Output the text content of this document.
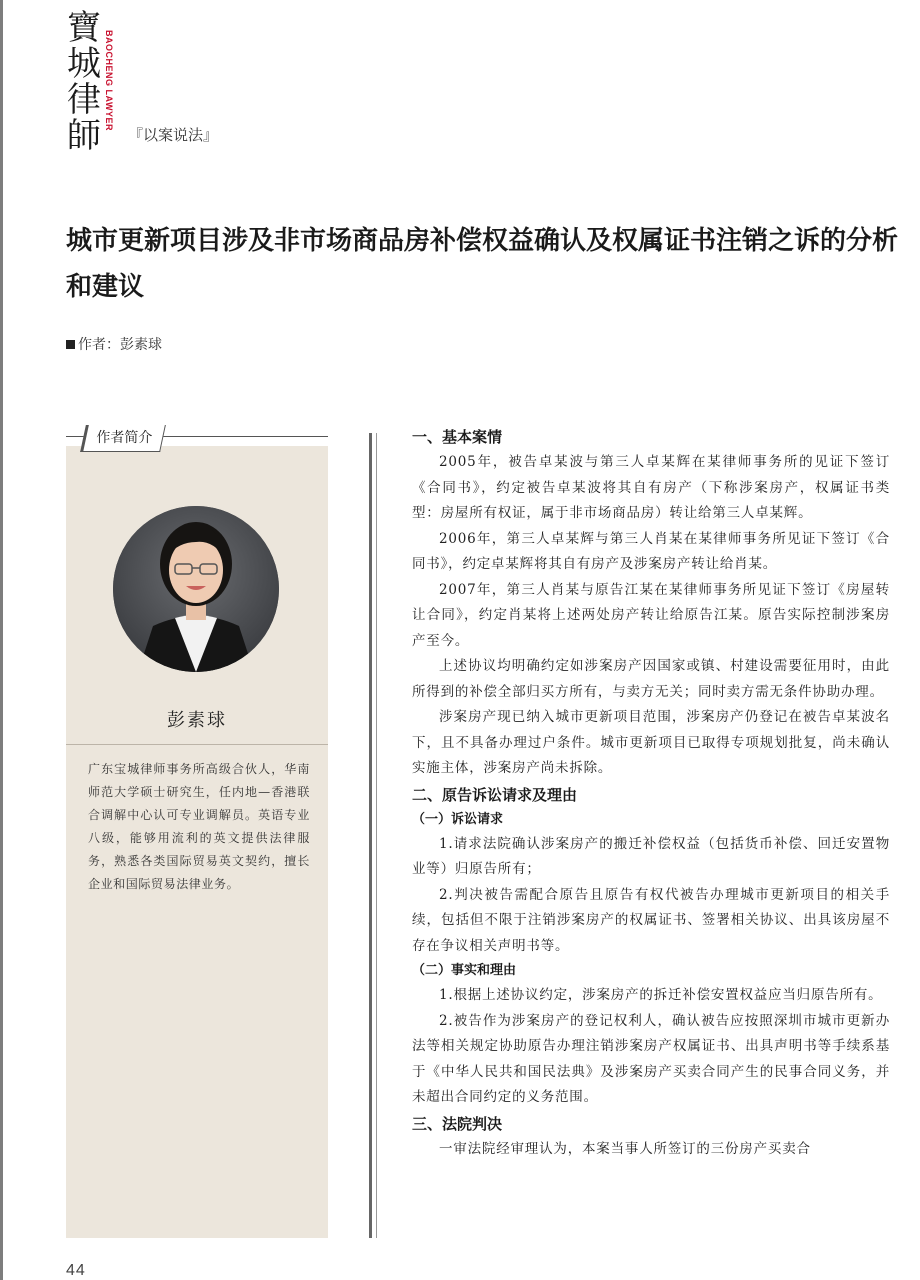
寶
城
律
師
BAOCHENG LAWYER
『以案说法』
城市更新项目涉及非市场商品房补偿权益确认及权属证书注销之诉的分析和建议
作者：彭素球
彭素球

广东宝城律师事务所高级合伙人，华南师范大学硕士研究生，任内地—香港联合调解中心认可专业调解员。英语专业八级，能够用流利的英文提供法律服务，熟悉各类国际贸易英文契约，擅长企业和国际贸易法律业务。

作者简介	一、基本案情

2005年，被告卓某波与第三人卓某辉在某律师事务所的见证下签订《合同书》，约定被告卓某波将其自有房产（下称涉案房产，权属证书类型：房屋所有权证，属于非市场商品房）转让给第三人卓某辉。

2006年，第三人卓某辉与第三人肖某在某律师事务所见证下签订《合同书》，约定卓某辉将其自有房产及涉案房产转让给肖某。

2007年，第三人肖某与原告江某在某律师事务所见证下签订《房屋转让合同》，约定肖某将上述两处房产转让给原告江某。原告实际控制涉案房产至今。

上述协议均明确约定如涉案房产因国家或镇、村建设需要征用时，由此所得到的补偿全部归买方所有，与卖方无关；同时卖方需无条件协助办理。

涉案房产现已纳入城市更新项目范围，涉案房产仍登记在被告卓某波名下，且不具备办理过户条件。城市更新项目已取得专项规划批复，尚未确认实施主体，涉案房产尚未拆除。

二、原告诉讼请求及理由
（一）诉讼请求

1.请求法院确认涉案房产的搬迁补偿权益（包括货币补偿、回迁安置物业等）归原告所有；

2.判决被告需配合原告且原告有权代被告办理城市更新项目的相关手续，包括但不限于注销涉案房产的权属证书、签署相关协议、出具该房屋不存在争议相关声明书等。

（二）事实和理由

1.根据上述协议约定，涉案房产的拆迁补偿安置权益应当归原告所有。

2.被告作为涉案房产的登记权利人，确认被告应按照深圳市城市更新办法等相关规定协助原告办理注销涉案房产权属证书、出具声明书等手续系基于《中华人民共和国民法典》及涉案房产买卖合同产生的民事合同义务，并未超出合同约定的义务范围。

三、法院判决

一审法院经审理认为，本案当事人所签订的三份房产买卖合

44
